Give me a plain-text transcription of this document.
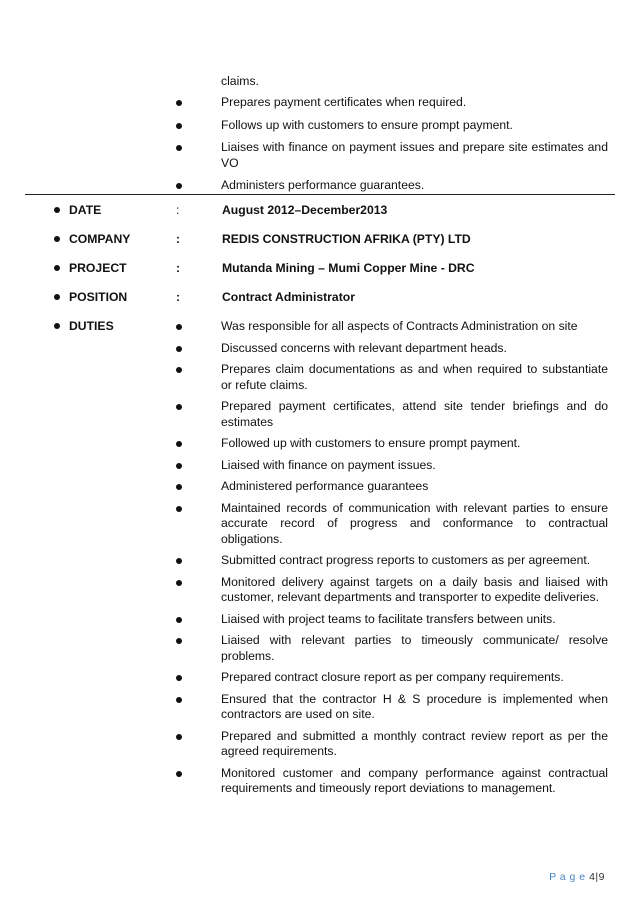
claims.
Prepares payment certificates when required.
Follows up with customers to ensure prompt payment.
Liaises with finance on payment issues and prepare site estimates and VO
Administers performance guarantees.
DATE	:	August 2012–December2013
COMPANY	:	REDIS CONSTRUCTION AFRIKA (PTY) LTD
PROJECT	:	Mutanda Mining – Mumi Copper Mine - DRC
POSITION	:	Contract Administrator
DUTIES	Was responsible for all aspects of Contracts Administration on site
Discussed concerns with relevant department heads.
Prepares claim documentations as and when required to substantiate or refute claims.
Prepared payment certificates, attend site tender briefings and do estimates
Followed up with customers to ensure prompt payment.
Liaised with finance on payment issues.
Administered performance guarantees
Maintained records of communication with relevant parties to ensure accurate record of progress and conformance to contractual obligations.
Submitted contract progress reports to customers as per agreement.
Monitored delivery against targets on a daily basis and liaised with customer, relevant departments and transporter to expedite deliveries.
Liaised with project teams to facilitate transfers between units.
Liaised with relevant parties to timeously communicate/ resolve problems.
Prepared contract closure report as per company requirements.
Ensured that the contractor H & S procedure is implemented when contractors are used on site.
Prepared and submitted a monthly contract review report as per the agreed requirements.
Monitored customer and company performance against contractual requirements and timeously report deviations to management.
P a g e 4|9
